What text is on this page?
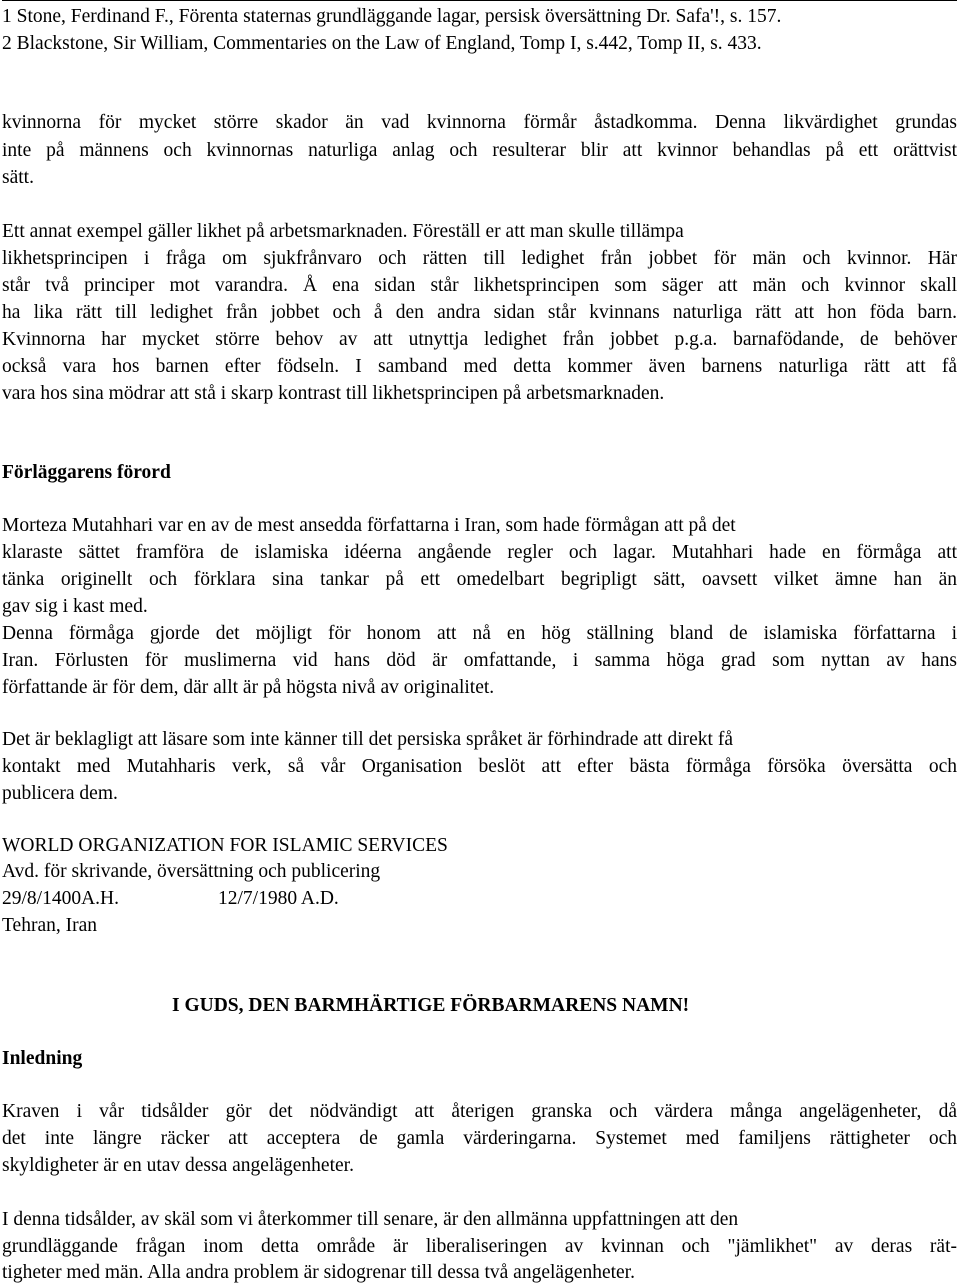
1 Stone, Ferdinand F., Förenta staternas grundläggande lagar, persisk översättning Dr. Safa'!, s. 157.
2 Blackstone, Sir William, Commentaries on the Law of England, Tomp I, s.442, Tomp II, s. 433.
kvinnorna för mycket större skador än vad kvinnorna förmår åstadkomma. Denna likvärdighet grundas
inte på männens och kvinnornas naturliga anlag och resulterar blir att kvinnor behandlas på ett orättvist
sätt.
Ett annat exempel gäller likhet på arbetsmarknaden. Föreställ er att man skulle tillämpa
likhetsprincipen i fråga om sjukfrånvaro och rätten till ledighet från jobbet för män och kvinnor. Här
står två principer mot varandra. Å ena sidan står likhetsprincipen som säger att män och kvinnor skall
ha lika rätt till ledighet från jobbet och å den andra sidan står kvinnans naturliga rätt att hon föda barn.
Kvinnorna har mycket större behov av att utnyttja ledighet från jobbet p.g.a. barnafödande, de behöver
också vara hos barnen efter födseln. I samband med detta kommer även barnens naturliga rätt att få
vara hos sina mödrar att stå i skarp kontrast till likhetsprincipen på arbetsmarknaden.
Förläggarens förord
Morteza Mutahhari var en av de mest ansedda författarna i Iran, som hade förmågan att på det
klaraste sättet framföra de islamiska idéerna angående regler och lagar. Mutahhari hade en förmåga att
tänka originellt och förklara sina tankar på ett omedelbart begripligt sätt, oavsett vilket ämne han än
gav sig i kast med.
Denna förmåga gjorde det möjligt för honom att nå en hög ställning bland de islamiska författarna i
Iran. Förlusten för muslimerna vid hans död är omfattande, i samma höga grad som nyttan av hans
författande är för dem, där allt är på högsta nivå av originalitet.
Det är beklagligt att läsare som inte känner till det persiska språket är förhindrade att direkt få
kontakt med Mutahharis verk, så vår Organisation beslöt att efter bästa förmåga försöka översätta och
publicera dem.
WORLD ORGANIZATION FOR ISLAMIC SERVICES
Avd. för skrivande, översättning och publicering
29/8/1400A.H.	12/7/1980 A.D.
Tehran, Iran
I GUDS, DEN BARMHÄRTIGE FÖRBARMARENS NAMN!
Inledning
Kraven i vår tidsålder gör det nödvändigt att återigen granska och värdera många angelägenheter, då
det inte längre räcker att acceptera de gamla värderingarna. Systemet med familjens rättigheter och
skyldigheter är en utav dessa angelägenheter.
I denna tidsålder, av skäl som vi återkommer till senare, är den allmänna uppfattningen att den
grundläggande frågan inom detta område är liberaliseringen av kvinnan och "jämlikhet" av deras rät-
tigheter med män. Alla andra problem är sidogrenar till dessa två angelägenheter.
